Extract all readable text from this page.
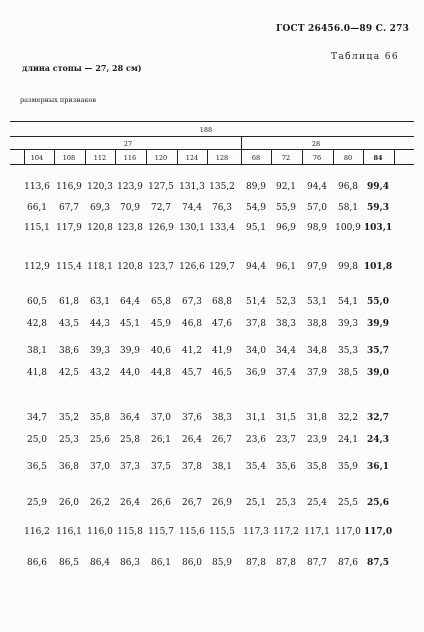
ГОСТ 26456.0—89 С. 273
Таблица 66
длина стопы — 27, 28 см)
размерных признаков
188
27	28
104	108	112	116	120	124	128	68	72	76	80	84
113,6 116,9 120,3 123,9 127,5 131,3 135,2 89,9 92,1 94,4 96,8 99,4
66,1 67,7 69,3 70,9 72,7 74,4 76,3 54,9 55,9 57,0 58,1 59,3
115,1 117,9 120,8 123,8 126,9 130,1 133,4 95,1 96,9 98,9 100,9 103,1
112,9 115,4 118,1 120,8 123,7 126,6 129,7 94,4 96,1 97,9 99,8 101,8
60,5 61,8 63,1 64,4 65,8 67,3 68,8 51,4 52,3 53,1 54,1 55,0
42,8 43,5 44,3 45,1 45,9 46,8 47,6 37,8 38,3 38,8 39,3 39,9
38,1 38,6 39,3 39,9 40,6 41,2 41,9 34,0 34,4 34,8 35,3 35,7
41,8 42,5 43,2 44,0 44,8 45,7 46,5 36,9 37,4 37,9 38,5 39,0
34,7 35,2 35,8 36,4 37,0 37,6 38,3 31,1 31,5 31,8 32,2 32,7
25,0 25,3 25,6 25,8 26,1 26,4 26,7 23,6 23,7 23,9 24,1 24,3
36,5 36,8 37,0 37,3 37,5 37,8 38,1 35,4 35,6 35,8 35,9 36,1
25,9 26,0 26,2 26,4 26,6 26,7 26,9 25,1 25,3 25,4 25,5 25,6
116,2 116,1 116,0 115,8 115,7 115,6 115,5 117,3 117,2 117,1 117,0 117,0
86,6 86,5 86,4 86,3 86,1 86,0 85,9 87,8 87,8 87,7 87,6 87,5
